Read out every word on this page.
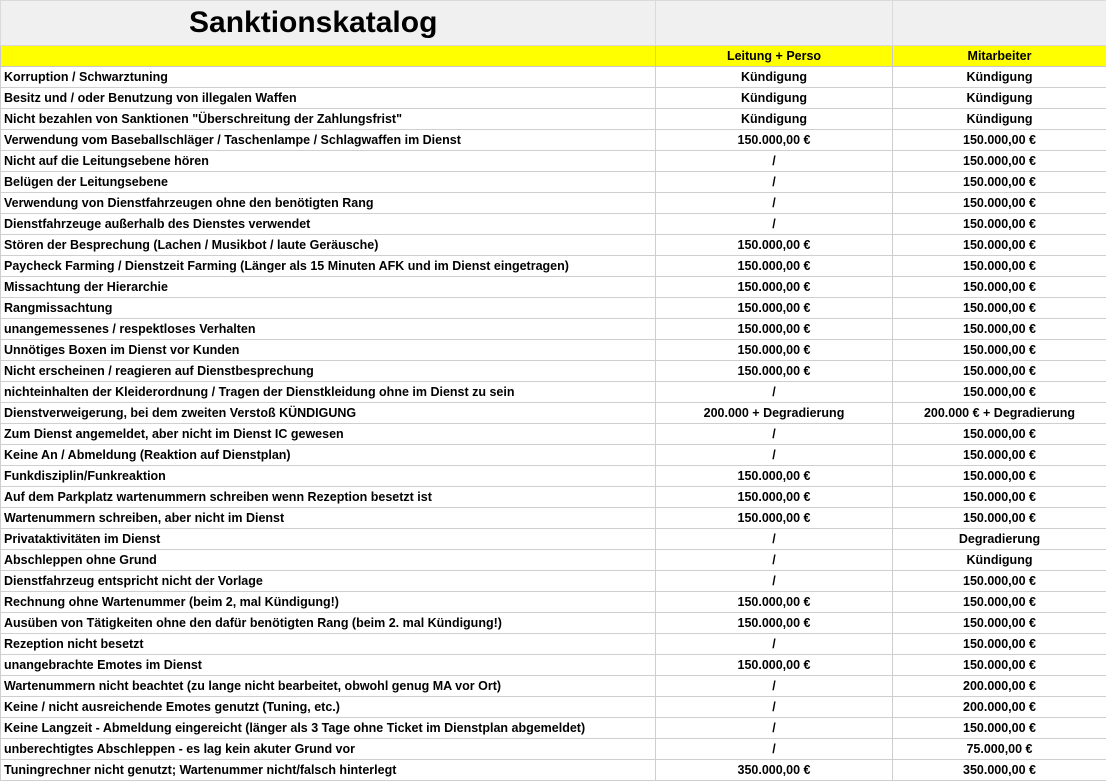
Sanktionskatalog		
	Leitung + Perso	Mitarbeiter
Korruption / Schwarztuning	Kündigung	Kündigung
Besitz und / oder Benutzung von illegalen Waffen	Kündigung	Kündigung
Nicht bezahlen von Sanktionen "Überschreitung der Zahlungsfrist"	Kündigung	Kündigung
Verwendung vom Baseballschläger / Taschenlampe / Schlagwaffen im Dienst	150.000,00 €	150.000,00 €
Nicht auf die Leitungsebene hören	/	150.000,00 €
Belügen der Leitungsebene	/	150.000,00 €
Verwendung von Dienstfahrzeugen ohne den benötigten Rang	/	150.000,00 €
Dienstfahrzeuge außerhalb des Dienstes verwendet	/	150.000,00 €
Stören der Besprechung (Lachen / Musikbot / laute Geräusche)	150.000,00 €	150.000,00 €
Paycheck Farming / Dienstzeit Farming (Länger als 15 Minuten AFK und im Dienst eingetragen)	150.000,00 €	150.000,00 €
Missachtung der Hierarchie	150.000,00 €	150.000,00 €
Rangmissachtung	150.000,00 €	150.000,00 €
unangemessenes / respektloses Verhalten	150.000,00 €	150.000,00 €
Unnötiges Boxen im Dienst vor Kunden	150.000,00 €	150.000,00 €
Nicht erscheinen / reagieren auf Dienstbesprechung	150.000,00 €	150.000,00 €
nichteinhalten der Kleiderordnung / Tragen der Dienstkleidung ohne im Dienst zu sein	/	150.000,00 €
Dienstverweigerung, bei dem zweiten Verstoß KÜNDIGUNG	200.000 + Degradierung	200.000 € + Degradierung
Zum Dienst angemeldet, aber nicht im Dienst IC gewesen	/	150.000,00 €
Keine An / Abmeldung (Reaktion auf Dienstplan)	/	150.000,00 €
Funkdisziplin/Funkreaktion	150.000,00 €	150.000,00 €
Auf dem Parkplatz wartenummern schreiben wenn Rezeption besetzt ist	150.000,00 €	150.000,00 €
Wartenummern schreiben, aber nicht im Dienst	150.000,00 €	150.000,00 €
Privataktivitäten im Dienst	/	Degradierung
Abschleppen ohne Grund	/	Kündigung
Dienstfahrzeug entspricht nicht der Vorlage	/	150.000,00 €
Rechnung ohne Wartenummer (beim 2, mal Kündigung!)	150.000,00 €	150.000,00 €
Ausüben von Tätigkeiten ohne den dafür benötigten Rang (beim 2. mal Kündigung!)	150.000,00 €	150.000,00 €
Rezeption nicht besetzt	/	150.000,00 €
unangebrachte Emotes im Dienst	150.000,00 €	150.000,00 €
Wartenummern nicht beachtet (zu lange nicht bearbeitet, obwohl genug MA vor Ort)	/	200.000,00 €
Keine / nicht ausreichende Emotes genutzt (Tuning, etc.)	/	200.000,00 €
Keine Langzeit - Abmeldung eingereicht (länger als 3 Tage ohne Ticket im Dienstplan abgemeldet)	/	150.000,00 €
unberechtigtes Abschleppen - es lag kein akuter Grund vor	/	75.000,00 €
Tuningrechner nicht genutzt; Wartenummer nicht/falsch hinterlegt	350.000,00 €	350.000,00 €
